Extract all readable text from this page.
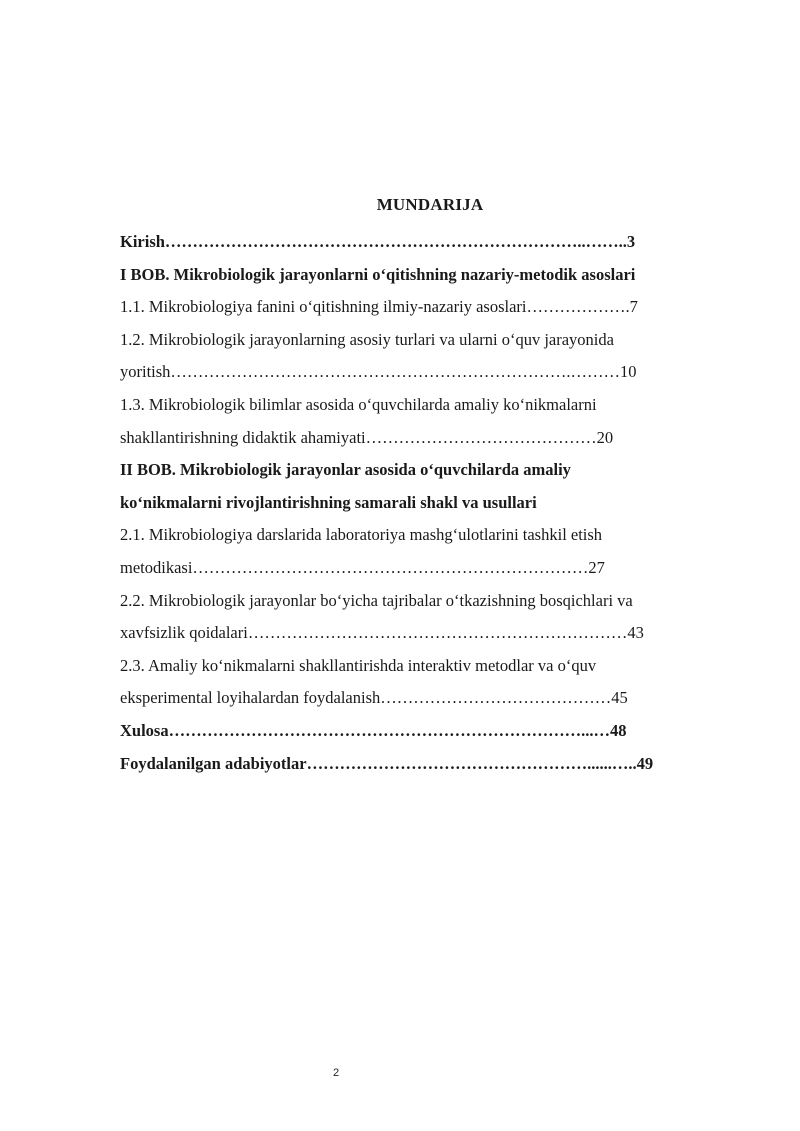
MUNDARIJA
Kirish…………………………………………………………………..……..3
I BOB. Mikrobiologik jarayonlarni o‘qitishning nazariy-metodik asoslari
1.1. Mikrobiologiya fanini o‘qitishning ilmiy-nazariy asoslari……………….7
1.2. Mikrobiologik jarayonlarning asosiy turlari va ularni o‘quv jarayonida
yoritish……………………………………………………………….………10
1.3. Mikrobiologik bilimlar asosida o‘quvchilarda amaliy ko‘nikmalarni
shakllantirishning didaktik ahamiyati……………………………………20
II BOB. Mikrobiologik jarayonlar asosida o‘quvchilarda amaliy
ko‘nikmalarni rivojlantirishning samarali shakl va usullari
2.1. Mikrobiologiya darslarida laboratoriya mashg‘ulotlarini tashkil etish
metodikasi………………………………………………………………27
2.2. Mikrobiologik jarayonlar bo‘yicha tajribalar o‘tkazishning bosqichlari va
xavfsizlik qoidalari……………………………………………………………43
2.3. Amaliy ko‘nikmalarni shakllantirishda interaktiv metodlar va o‘quv
eksperimental loyihalardan foydalanish……………………………………45
Xulosa…………………………………………………………………...…48
Foydalanilgan adabiyotlar……………………………………………......…..49
2
